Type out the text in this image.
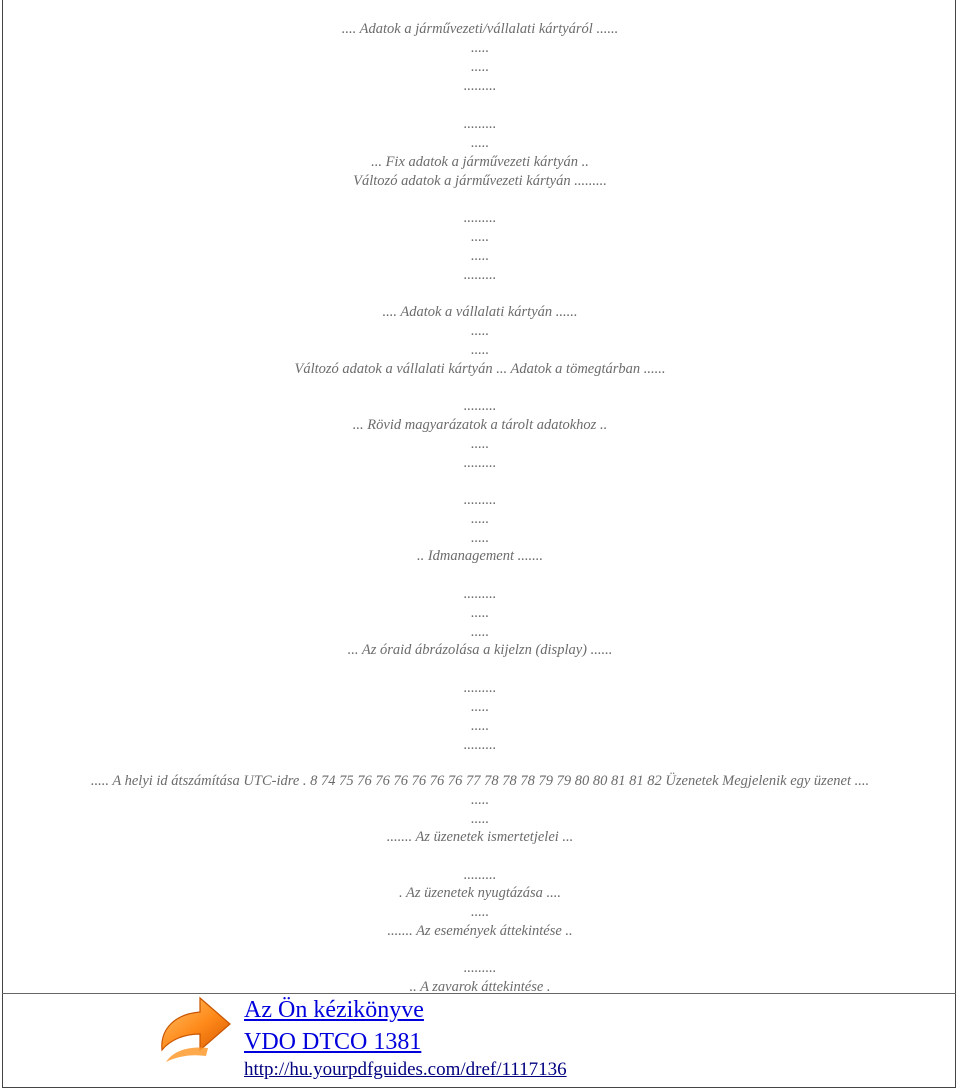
.... Adatok a járművezeti/vállalati kártyáról ......
.....
.....
.........
.........
.....
... Fix adatok a járművezeti kártyán ..
Változó adatok a járművezeti kártyán .........
.........
.....
.....
.........
.... Adatok a vállalati kártyán ......
.....
.....
Változó adatok a vállalati kártyán ... Adatok a tömegtárban ......
.........
... Rövid magyarázatok a tárolt adatokhoz ..
.....
.........
.........
.....
.....
.. Idmanagement .......
.........
.....
.....
... Az óraid ábrázolása a kijelzn (display) ......
.........
.....
.....
.........
..... A helyi id átszámítása UTC-idre . 8 74 75 76 76 76 76 76 76 77 78 78 78 79 79 80 80 81 81 82 Üzenetek Megjelenik egy üzenet ....
.....
.....
....... Az üzenetek ismertetjelei ...
.........
. Az üzenetek nyugtázása ....
.....
....... Az események áttekintése ..
.........
.. A zavarok áttekintése .
Az Ön kézikönyve
VDO DTCO 1381
http://hu.yourpdfguides.com/dref/1117136
